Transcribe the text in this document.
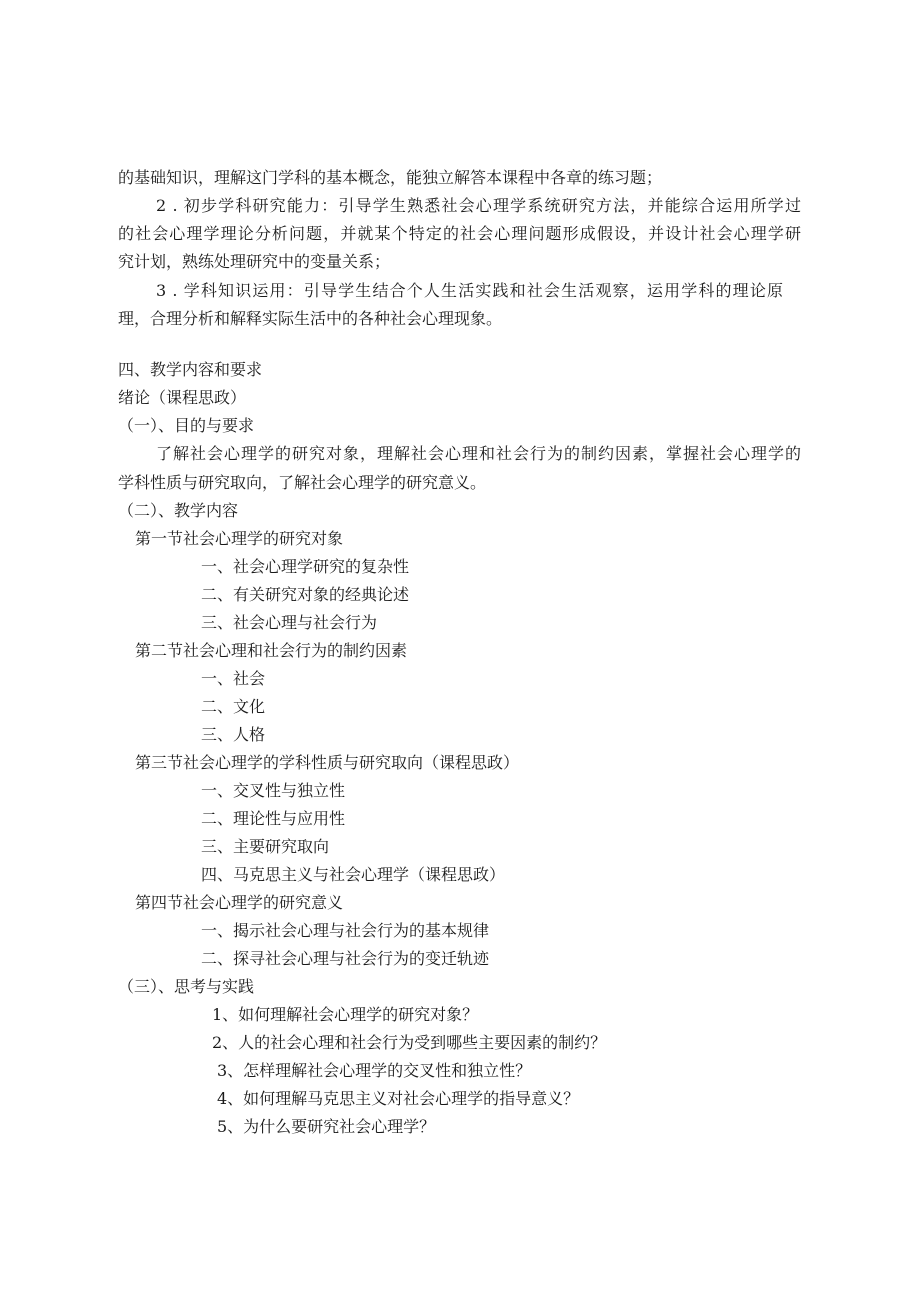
的基础知识，理解这门学科的基本概念，能独立解答本课程中各章的练习题；
2 . 初步学科研究能力：引导学生熟悉社会心理学系统研究方法，并能综合运用所学过
的社会心理学理论分析问题，并就某个特定的社会心理问题形成假设，并设计社会心理学研
究计划，熟练处理研究中的变量关系；
3 . 学科知识运用：引导学生结合个人生活实践和社会生活观察，运用学科的理论原
理，合理分析和解释实际生活中的各种社会心理现象。
四、教学内容和要求
绪论（课程思政）
（一）、目的与要求
了解社会心理学的研究对象，理解社会心理和社会行为的制约因素，掌握社会心理学的
学科性质与研究取向，了解社会心理学的研究意义。
（二）、教学内容
第一节社会心理学的研究对象
一、社会心理学研究的复杂性
二、有关研究对象的经典论述
三、社会心理与社会行为
第二节社会心理和社会行为的制约因素
一、社会
二、文化
三、人格
第三节社会心理学的学科性质与研究取向（课程思政）
一、交叉性与独立性
二、理论性与应用性
三、主要研究取向
四、马克思主义与社会心理学（课程思政）
第四节社会心理学的研究意义
一、揭示社会心理与社会行为的基本规律
二、探寻社会心理与社会行为的变迁轨迹
（三）、思考与实践
1、如何理解社会心理学的研究对象？
2、人的社会心理和社会行为受到哪些主要因素的制约？
3、怎样理解社会心理学的交叉性和独立性？
4、如何理解马克思主义对社会心理学的指导意义？
5、为什么要研究社会心理学？
